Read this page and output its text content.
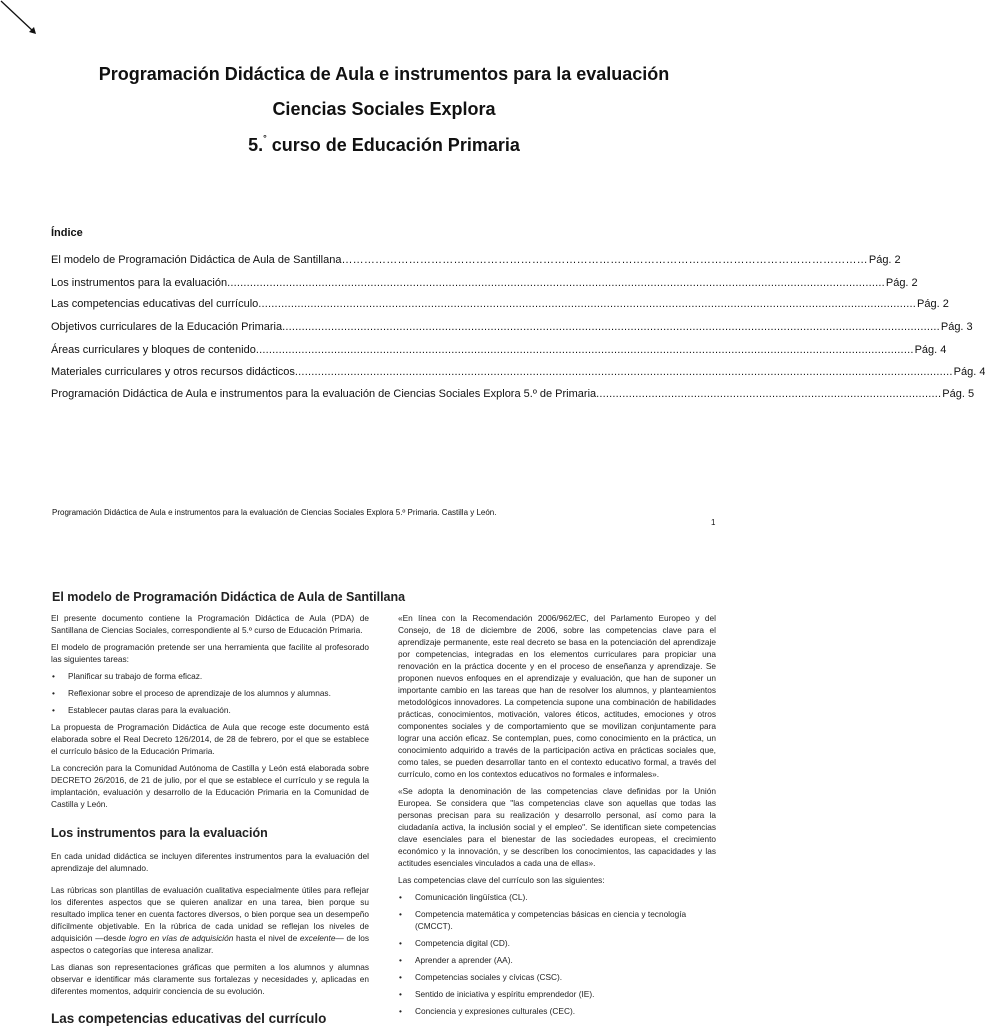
Programación Didáctica de Aula e instrumentos para la evaluación
Ciencias Sociales Explora
5.° curso de Educación Primaria
Índice
El modelo de Programación Didáctica de Aula de Santillana …………………………………………………………………………………………………………………………… Pág. 2
Los instrumentos para la evaluación .......................................................................................................................................................................................................... Pág. 2
Las competencias educativas del currículo .......................................................................................................................................................................................................... Pág. 2
Objetivos curriculares de la Educación Primaria .......................................................................................................................................................................................................... Pág. 3
Áreas curriculares y bloques de contenido .......................................................................................................................................................................................................... Pág. 4
Materiales curriculares y otros recursos didácticos .......................................................................................................................................................................................................... Pág. 4
Programación Didáctica de Aula e instrumentos para la evaluación de Ciencias Sociales Explora 5.º de Primaria .......................................................................................................... Pág. 5
Programación Didáctica de Aula e instrumentos para la evaluación de Ciencias Sociales Explora 5.º Primaria. Castilla y León.
1
El modelo de Programación Didáctica de Aula de Santillana

El presente documento contiene la Programación Didáctica de Aula (PDA) de Santillana de Ciencias Sociales, correspondiente al 5.º curso de Educación Primaria.

El modelo de programación pretende ser una herramienta que facilite al profesorado las siguientes tareas:

• Planificar su trabajo de forma eficaz.
• Reflexionar sobre el proceso de aprendizaje de los alumnos y alumnas.
• Establecer pautas claras para la evaluación.

La propuesta de Programación Didáctica de Aula que recoge este documento está elaborada sobre el Real Decreto 126/2014, de 28 de febrero, por el que se establece el currículo básico de la Educación Primaria.

La concreción para la Comunidad Autónoma de Castilla y León está elaborada sobre DECRETO 26/2016, de 21 de julio, por el que se establece el currículo y se regula la implantación, evaluación y desarrollo de la Educación Primaria en la Comunidad de Castilla y León.

Los instrumentos para la evaluación

En cada unidad didáctica se incluyen diferentes instrumentos para la evaluación del aprendizaje del alumnado.

Las rúbricas son plantillas de evaluación cualitativa especialmente útiles para reflejar los diferentes aspectos que se quieren analizar en una tarea, bien porque su resultado implica tener en cuenta factores diversos, o bien porque sea un desempeño difícilmente objetivable. En la rúbrica de cada unidad se reflejan los niveles de adquisición —desde logro en vías de adquisición hasta el nivel de excelente— de los aspectos o categorías que interesa analizar.

Las dianas son representaciones gráficas que permiten a los alumnos y alumnas observar e identificar más claramente sus fortalezas y necesidades y, aplicadas en diferentes momentos, adquirir conciencia de su evolución.

Las competencias educativas del currículo

«En línea con la Recomendación 2006/962/EC, del Parlamento Europeo y del Consejo, de 18 de diciembre de 2006, sobre las competencias clave para el aprendizaje permanente, este real decreto se basa en la potenciación del aprendizaje por competencias, integradas en los elementos curriculares para propiciar una renovación en la práctica docente y en el proceso de enseñanza y aprendizaje. Se proponen nuevos enfoques en el aprendizaje y evaluación, que han de suponer un importante cambio en las tareas que han de resolver los alumnos, y planteamientos metodológicos innovadores. La competencia supone una combinación de habilidades prácticas, conocimientos, motivación, valores éticos, actitudes, emociones y otros componentes sociales y de comportamiento que se movilizan conjuntamente para lograr una acción eficaz. Se contemplan, pues, como conocimiento en la práctica, un conocimiento adquirido a través de la participación activa en prácticas sociales que, como tales, se pueden desarrollar tanto en el contexto educativo formal, a través del currículo, como en los contextos educativos no formales e informales».

«Se adopta la denominación de las competencias clave definidas por la Unión Europea. Se considera que "las competencias clave son aquellas que todas las personas precisan para su realización y desarrollo personal, así como para la ciudadanía activa, la inclusión social y el empleo". Se identifican siete competencias clave esenciales para el bienestar de las sociedades europeas, el crecimiento económico y la innovación, y se describen los conocimientos, las capacidades y las actitudes esenciales vinculados a cada una de ellas».

Las competencias clave del currículo son las siguientes:

• Comunicación lingüística (CL).
• Competencia matemática y competencias básicas en ciencia y tecnología (CMCCT).
• Competencia digital (CD).
• Aprender a aprender (AA).
• Competencias sociales y cívicas (CSC).
• Sentido de iniciativa y espíritu emprendedor (IE).
• Conciencia y expresiones culturales (CEC).
